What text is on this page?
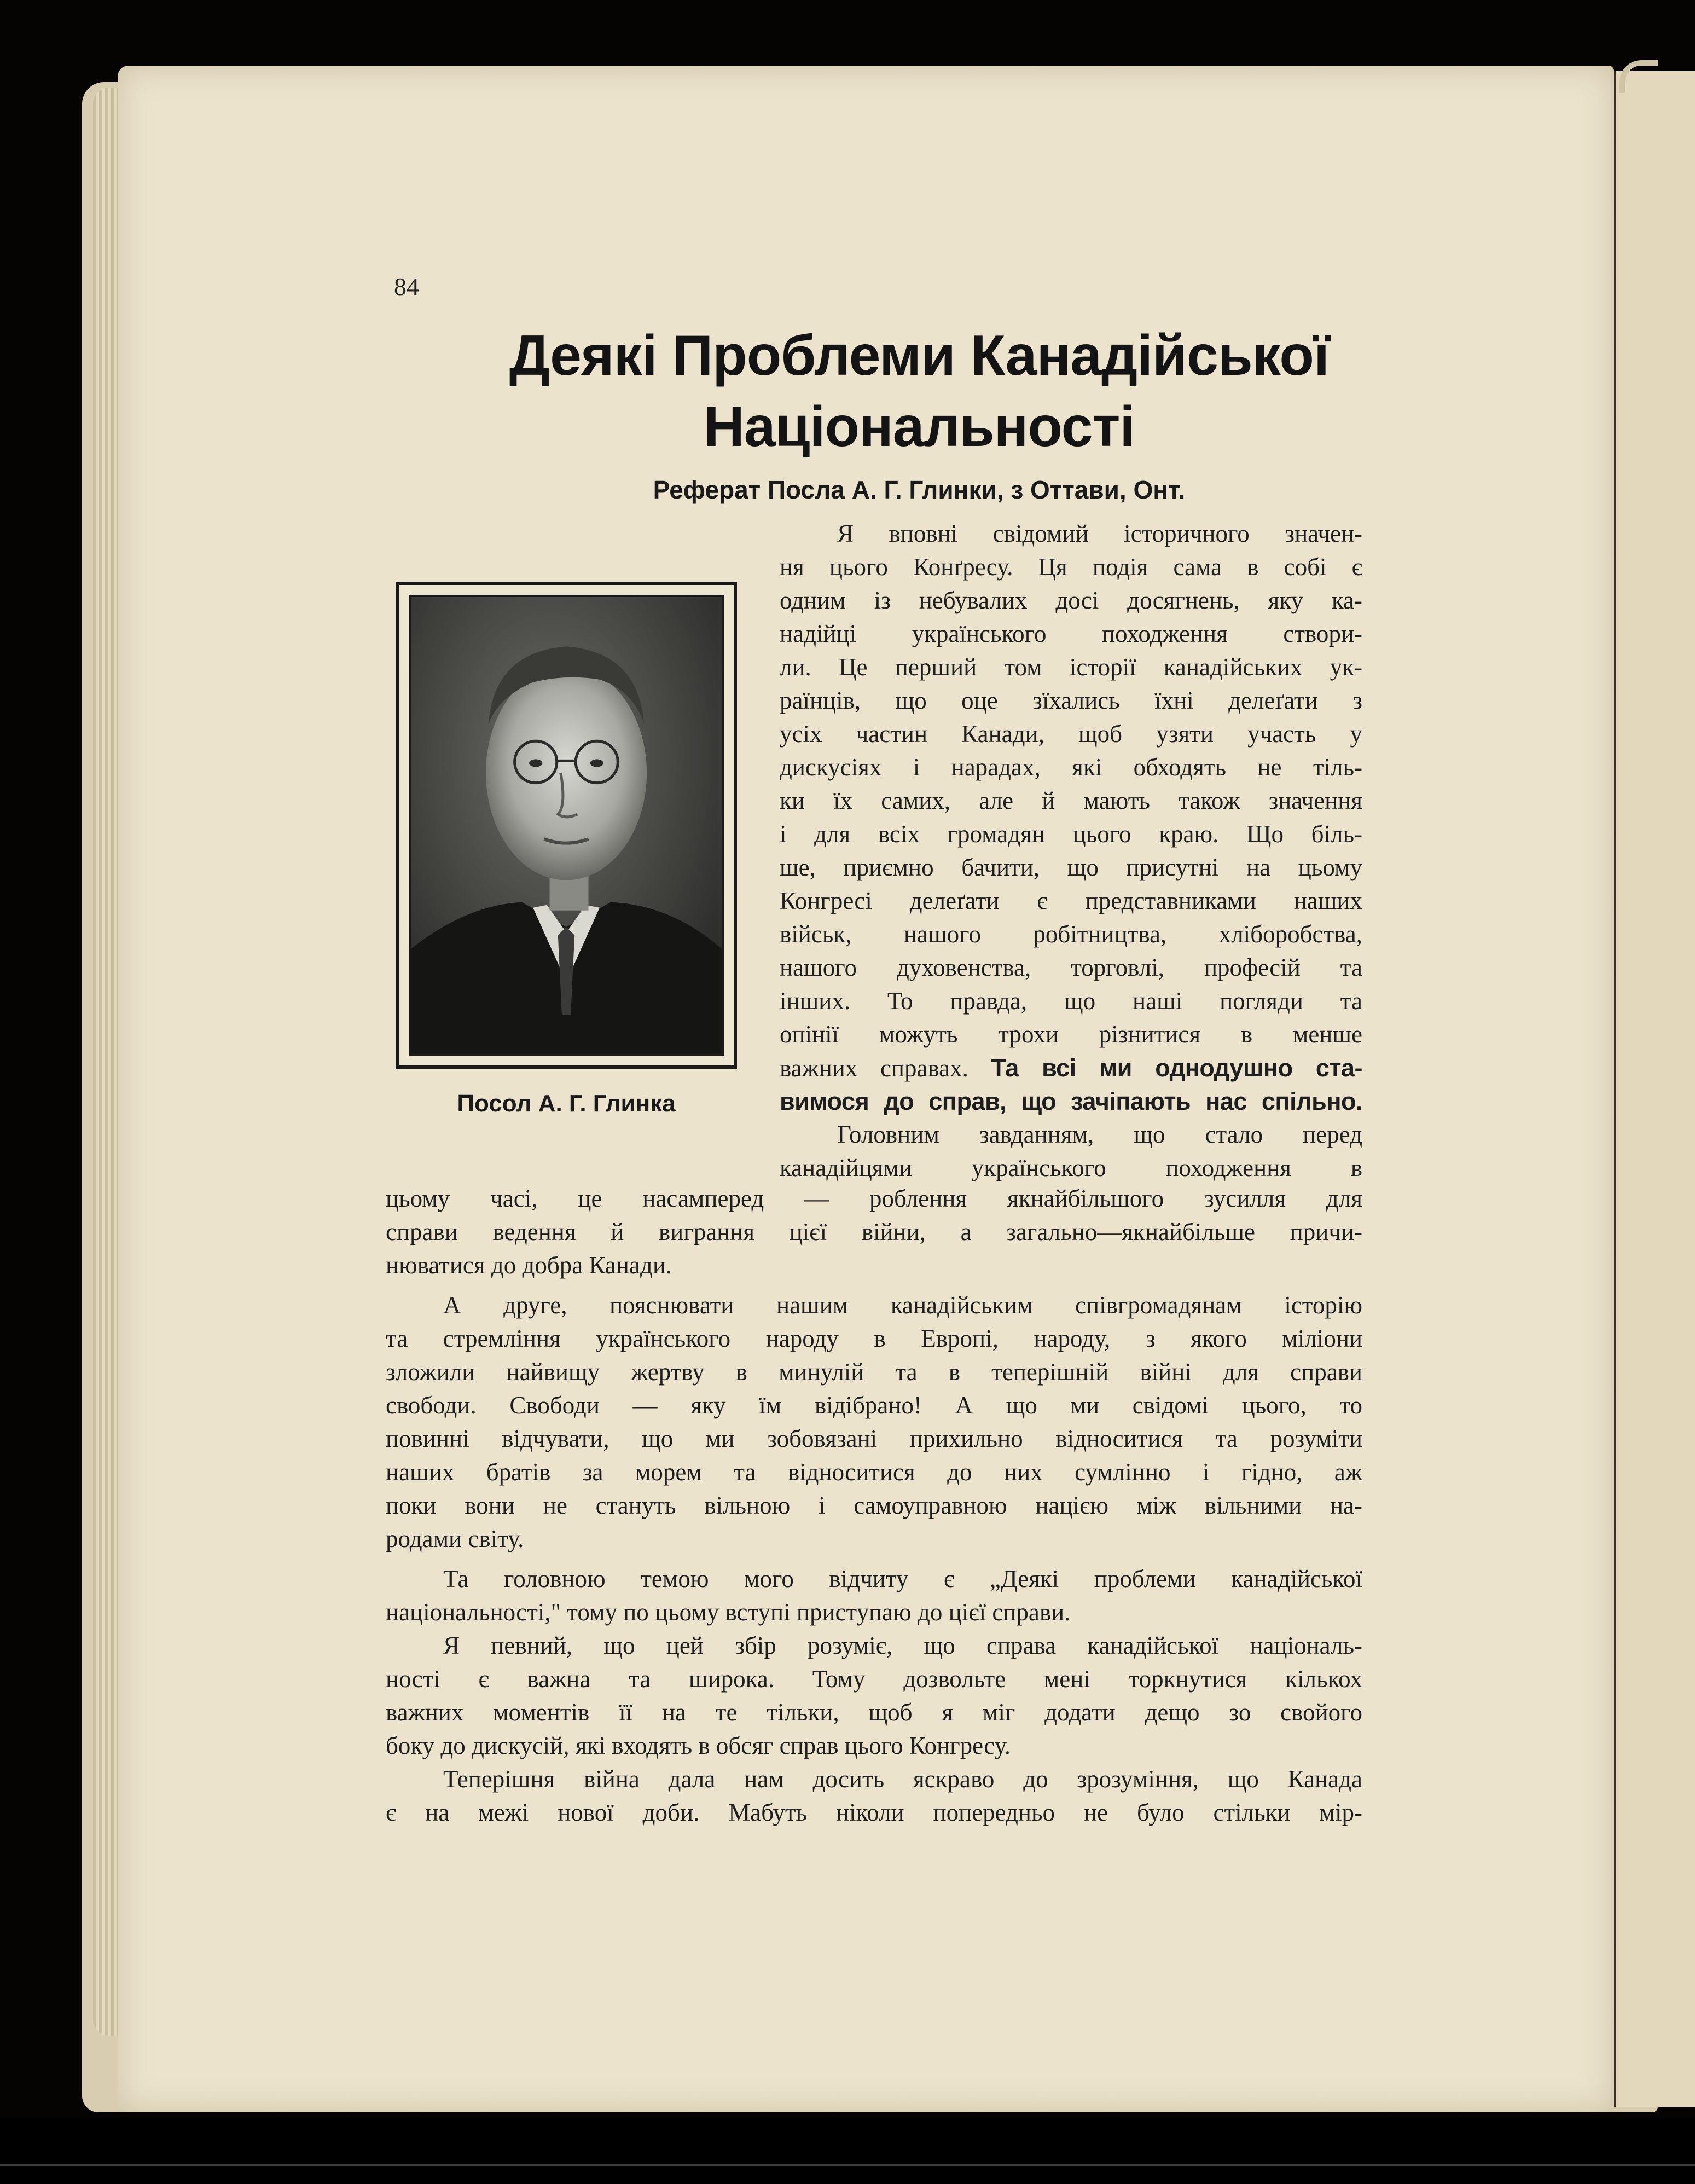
84
Деякі Проблеми Канадійської
Національності
Реферат Посла А. Г. Глинки, з Оттави, Онт.
Посол А. Г. Глинка
Я вповні свідомий історичного значен-
ня цього Конґресу. Ця подія сама в собі є
одним із небувалих досі досягнень, яку ка-
надійці українського походження створи-
ли. Це перший том історії канадійських ук-
раїнців, що оце зїхались їхні делеґати з
усіх частин Канади, щоб узяти участь у
дискусіях і нарадах, які обходять не тіль-
ки їх самих, але й мають також значення
і для всіх громадян цього краю. Що біль-
ше, приємно бачити, що присутні на цьому
Конгресі делеґати є представниками наших
військ, нашого робітництва, хліборобства,
нашого духовенства, торговлі, професій та
інших. То правда, що наші погляди та
опінії можуть трохи різнитися в менше
важних справах. Та всі ми однодушно ста-
вимося до справ, що зачіпають нас спільно.
Головним завданням, що стало перед
канадійцями українського походження в
цьому часі, це насамперед — роблення якнайбільшого зусилля для
справи ведення й виграння цієї війни, а загально—якнайбільше причи-
нюватися до добра Канади.
А друге, пояснювати нашим канадійським співгромадянам історію
та стремління українського народу в Европі, народу, з якого міліони
зложили найвищу жертву в минулій та в теперішній війні для справи
свободи. Свободи — яку їм відібрано! А що ми свідомі цього, то
повинні відчувати, що ми зобовязані прихильно відноситися та розуміти
наших братів за морем та відноситися до них сумлінно і гідно, аж
поки вони не стануть вільною і самоуправною нацією між вільними на-
родами світу.
Та головною темою мого відчиту є „Деякі проблеми канадійської
національності," тому по цьому вступі приступаю до цієї справи.
Я певний, що цей збір розуміє, що справа канадійської національ-
ності є важна та широка. Тому дозвольте мені торкнутися кількох
важних моментів її на те тільки, щоб я міг додати дещо зо свойого
боку до дискусій, які входять в обсяг справ цього Конгресу.
Теперішня війна дала нам досить яскраво до зрозуміння, що Канада
є на межі нової доби. Мабуть ніколи попередньо не було стільки мір-
